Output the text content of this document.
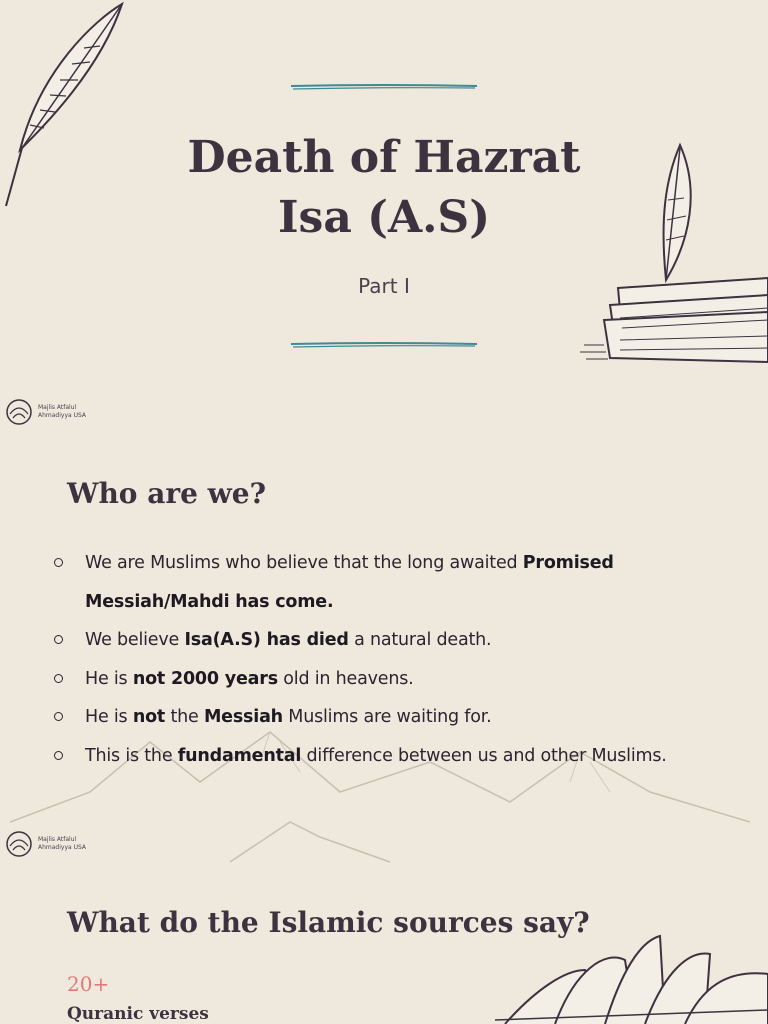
Death of Hazrat
Isa (A.S)
Part I
Majlis Atfalul
Ahmadiyya USA
Who are we?
We are Muslims who believe that the long awaited Promised Messiah/Mahdi has come.
We believe Isa(A.S) has died a natural death.
He is not 2000 years old in heavens.
He is not the Messiah Muslims are waiting for.
This is the fundamental difference between us and other Muslims.
Majlis Atfalul
Ahmadiyya USA
What do the Islamic sources say?
20+
Quranic verses
